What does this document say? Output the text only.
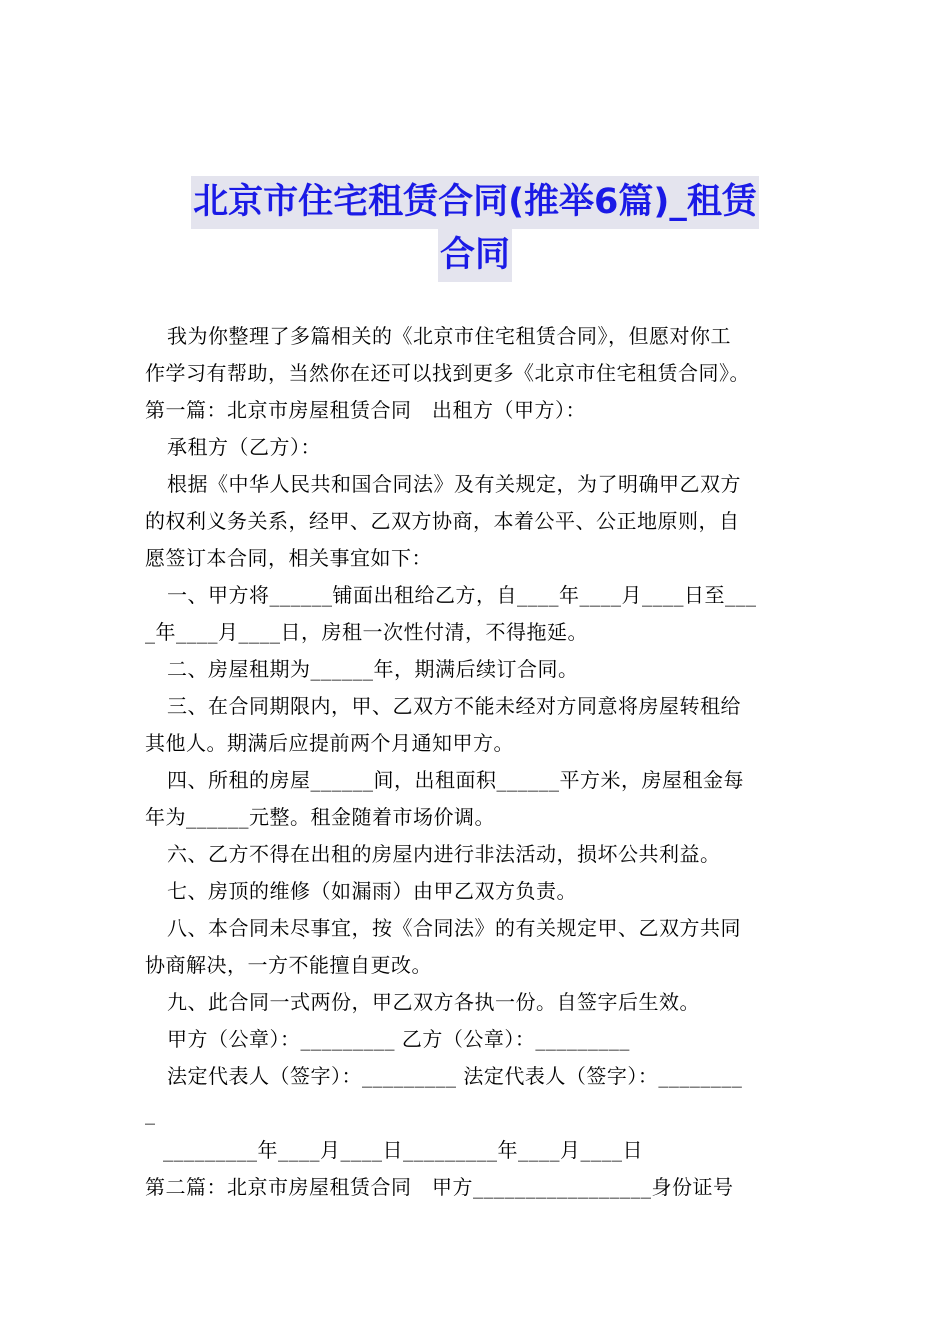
北京市住宅租赁合同(推举6篇)_租赁
合同

我为你整理了多篇相关的《北京市住宅租赁合同》，但愿对你工

作学习有帮助，当然你在还可以找到更多《北京市住宅租赁合同》。

第一篇：北京市房屋租赁合同　出租方（甲方）：

承租方（乙方）：

根据《中华人民共和国合同法》及有关规定，为了明确甲乙双方

的权利义务关系，经甲、乙双方协商，本着公平、公正地原则，自

愿签订本合同，相关事宜如下：

一、甲方将______铺面出租给乙方，自____年____月____日至___

_年____月____日，房租一次性付清，不得拖延。

二、房屋租期为______年，期满后续订合同。

三、在合同期限内，甲、乙双方不能未经对方同意将房屋转租给

其他人。期满后应提前两个月通知甲方。

四、所租的房屋______间，出租面积______平方米，房屋租金每

年为______元整。租金随着市场价调。

六、乙方不得在出租的房屋内进行非法活动，损坏公共利益。

七、房顶的维修（如漏雨）由甲乙双方负责。

八、本合同未尽事宜，按《合同法》的有关规定甲、乙双方共同

协商解决，一方不能擅自更改。

九、此合同一式两份，甲乙双方各执一份。自签字后生效。

甲方（公章）：_________ 乙方（公章）：_________

法定代表人（签字）：_________ 法定代表人（签字）：________

_

_________年____月____日_________年____月____日

第二篇：北京市房屋租赁合同　甲方_________________身份证号
